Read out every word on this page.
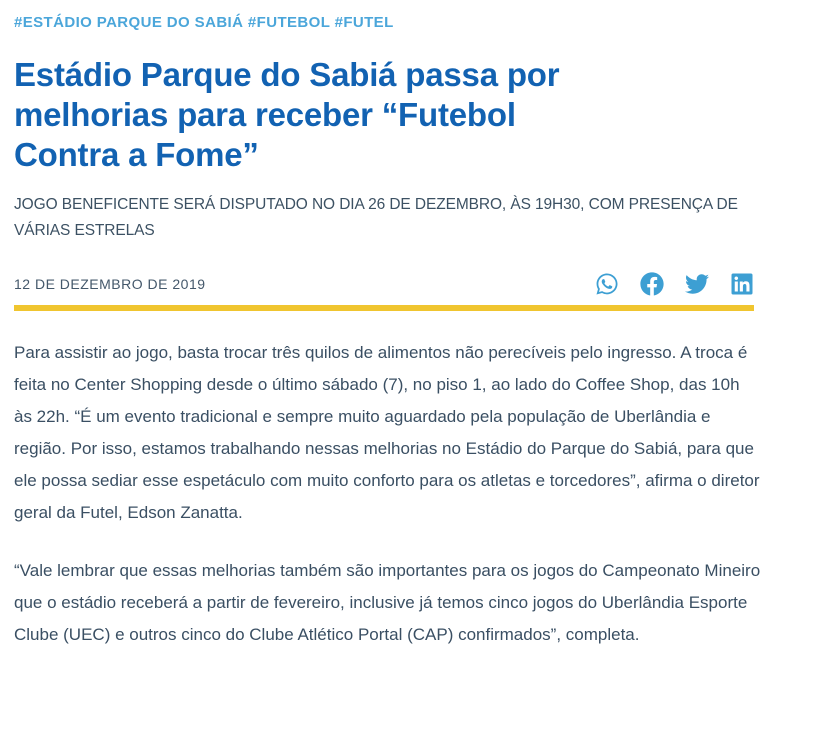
#ESTÁDIO PARQUE DO SABIÁ #FUTEBOL #FUTEL
Estádio Parque do Sabiá passa por
melhorias para receber “Futebol
Contra a Fome”
JOGO BENEFICENTE SERÁ DISPUTADO NO DIA 26 DE DEZEMBRO, ÀS 19H30, COM PRESENÇA DE
VÁRIAS ESTRELAS
12 DE DEZEMBRO DE 2019

Para assistir ao jogo, basta trocar três quilos de alimentos não perecíveis pelo ingresso. A troca é feita no Center Shopping desde o último sábado (7), no piso 1, ao lado do Coffee Shop, das 10h às 22h. “É um evento tradicional e sempre muito aguardado pela população de Uberlândia e região. Por isso, estamos trabalhando nessas melhorias no Estádio do Parque do Sabiá, para que ele possa sediar esse espetáculo com muito conforto para os atletas e torcedores”, afirma o diretor geral da Futel, Edson Zanatta.

“Vale lembrar que essas melhorias também são importantes para os jogos do Campeonato Mineiro que o estádio receberá a partir de fevereiro, inclusive já temos cinco jogos do Uberlândia Esporte Clube (UEC) e outros cinco do Clube Atlético Portal (CAP) confirmados”, completa.
